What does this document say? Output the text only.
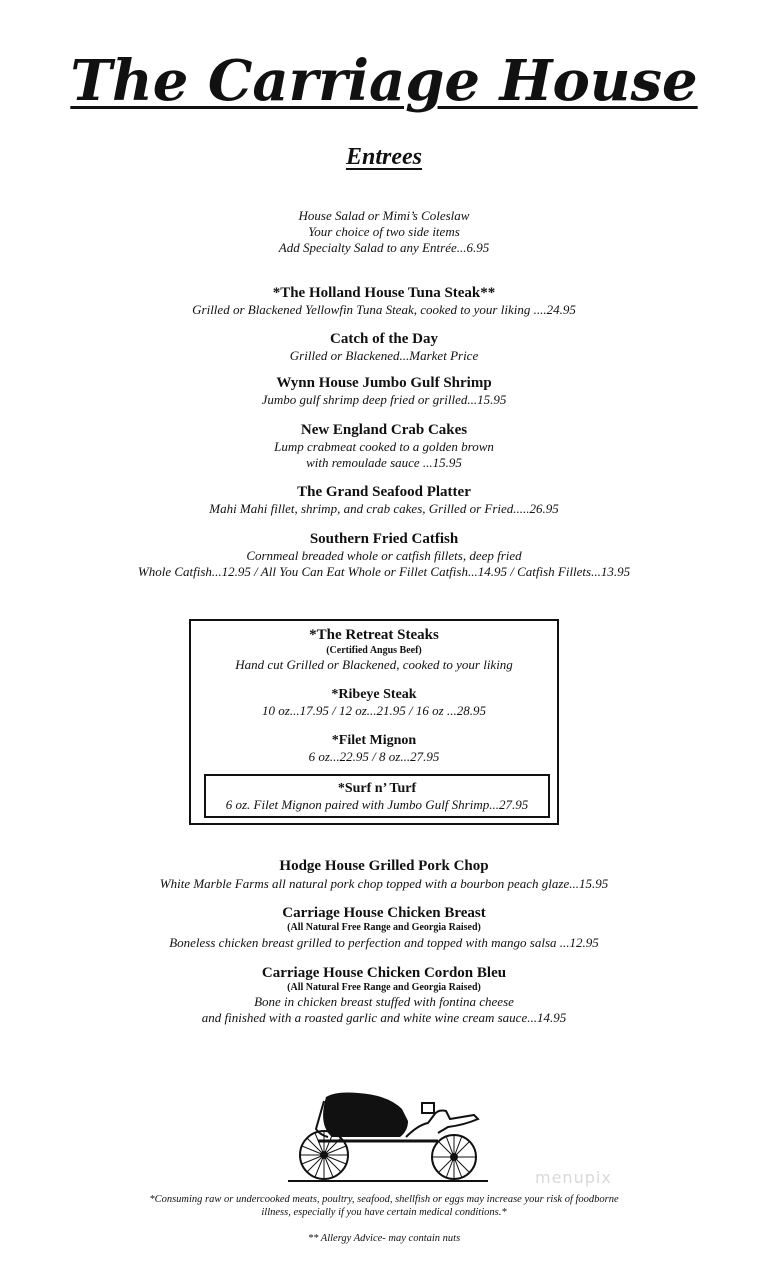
The Carriage House
Entrees
House Salad or Mimi’s Coleslaw
Your choice of two side items
Add Specialty Salad to any Entrée...6.95
*The Holland House Tuna Steak**
Grilled or Blackened Yellowfin Tuna Steak, cooked to your liking ....24.95
Catch of the Day
Grilled or Blackened...Market Price
Wynn House Jumbo Gulf Shrimp
Jumbo gulf shrimp deep fried or grilled...15.95
New England Crab Cakes
Lump crabmeat cooked to a golden brown
with remoulade sauce ...15.95
The Grand Seafood Platter
Mahi Mahi fillet, shrimp, and crab cakes, Grilled or Fried.....26.95
Southern Fried Catfish
Cornmeal breaded whole or catfish fillets, deep fried
Whole Catfish...12.95 / All You Can Eat Whole or Fillet Catfish...14.95 / Catfish Fillets...13.95
*The Retreat Steaks
(Certified Angus Beef)
Hand cut Grilled or Blackened, cooked to your liking
*Ribeye Steak
10 oz...17.95 / 12 oz...21.95 / 16 oz ...28.95
*Filet Mignon
6 oz...22.95 / 8 oz...27.95
*Surf n’ Turf
6 oz. Filet Mignon paired with Jumbo Gulf Shrimp...27.95
Hodge House Grilled Pork Chop
White Marble Farms all natural pork chop topped with a bourbon peach glaze...15.95
Carriage House Chicken Breast
(All Natural Free Range and Georgia Raised)
Boneless chicken breast grilled to perfection and topped with mango salsa ...12.95
Carriage House Chicken Cordon Bleu
(All Natural Free Range and Georgia Raised)
Bone in chicken breast stuffed with fontina cheese
and finished with a roasted garlic and white wine cream sauce...14.95
menupix
*Consuming raw or undercooked meats, poultry, seafood, shellfish or eggs may increase your risk of foodborne
illness, especially if you have certain medical conditions.*
** Allergy Advice- may contain nuts
